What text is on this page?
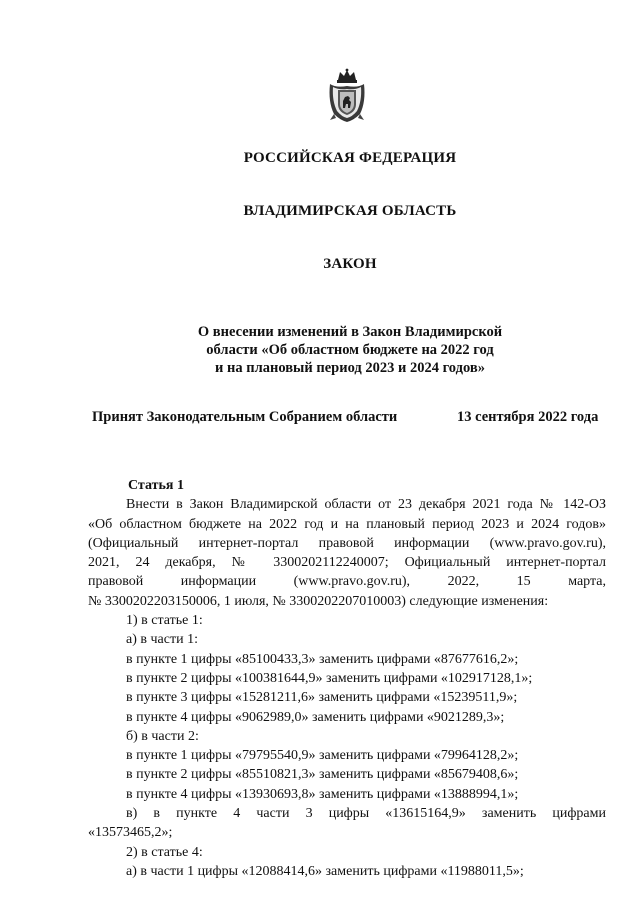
РОССИЙСКАЯ ФЕДЕРАЦИЯ
ВЛАДИМИРСКАЯ ОБЛАСТЬ
ЗАКОН
О внесении изменений в Закон Владимирской
области «Об областном бюджете на 2022 год
и на плановый период 2023 и 2024 годов»
Принят Законодательным Собранием области	13 сентября 2022 года
Статья 1

Внести в Закон Владимирской области от 23 декабря 2021 года № 142-ОЗ

«Об областном бюджете на 2022 год и на плановый период 2023 и 2024 годов»

(Официальный интернет-портал правовой информации (www.pravo.gov.ru),

2021, 24 декабря, № 3300202112240007; Официальный интернет-портал

правовой информации (www.pravo.gov.ru), 2022, 15 марта,

№ 3300202203150006, 1 июля, № 3300202207010003) следующие изменения:

1) в статье 1:

а) в части 1:

в пункте 1 цифры «85100433,3» заменить цифрами «87677616,2»;

в пункте 2 цифры «100381644,9» заменить цифрами «102917128,1»;

в пункте 3 цифры «15281211,6» заменить цифрами «15239511,9»;

в пункте 4 цифры «9062989,0» заменить цифрами «9021289,3»;

б) в части 2:

в пункте 1 цифры «79795540,9» заменить цифрами «79964128,2»;

в пункте 2 цифры «85510821,3» заменить цифрами «85679408,6»;

в пункте 4 цифры «13930693,8» заменить цифрами «13888994,1»;

в) в пункте 4 части 3 цифры «13615164,9» заменить цифрами

«13573465,2»;

2) в статье 4:

а) в части 1 цифры «12088414,6» заменить цифрами «11988011,5»;
